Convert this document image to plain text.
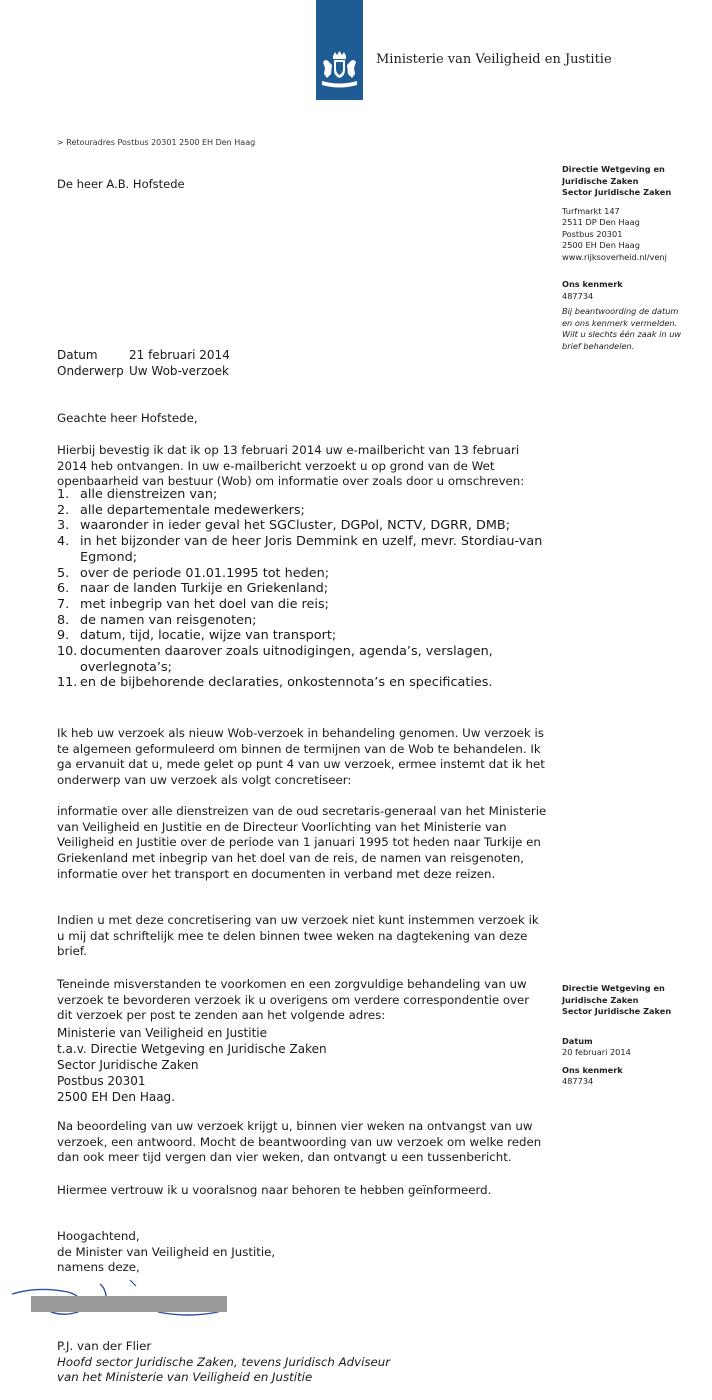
Ministerie van Veiligheid en Justitie
> Retouradres Postbus 20301 2500 EH Den Haag
De heer A.B. Hofstede
Directie Wetgeving en
Juridische Zaken
Sector Juridische Zaken
Turfmarkt 147
2511 DP Den Haag
Postbus 20301
2500 EH Den Haag
www.rijksoverheid.nl/venj
Ons kenmerk
487734
Bij beantwoording de datum
en ons kenmerk vermelden.
Wilt u slechts één zaak in uw
brief behandelen.
Datum	21 februari 2014
Onderwerp Uw Wob-verzoek
Geachte heer Hofstede,
Hierbij bevestig ik dat ik op 13 februari 2014 uw e-mailbericht van 13 februari 2014 heb ontvangen. In uw e-mailbericht verzoekt u op grond van de Wet openbaarheid van bestuur (Wob) om informatie over zoals door u omschreven:
1. alle dienstreizen van;
2. alle departementale medewerkers;
3. waaronder in ieder geval het SGCluster, DGPol, NCTV, DGRR, DMB;
4. in het bijzonder van de heer Joris Demmink en uzelf, mevr. Stordiau-van Egmond;
5. over de periode 01.01.1995 tot heden;
6. naar de landen Turkije en Griekenland;
7. met inbegrip van het doel van die reis;
8. de namen van reisgenoten;
9. datum, tijd, locatie, wijze van transport;
10. documenten daarover zoals uitnodigingen, agenda’s, verslagen, overlegnota’s;
11. en de bijbehorende declaraties, onkostennota’s en specificaties.
Ik heb uw verzoek als nieuw Wob-verzoek in behandeling genomen. Uw verzoek is te algemeen geformuleerd om binnen de termijnen van de Wob te behandelen. Ik ga ervanuit dat u, mede gelet op punt 4 van uw verzoek, ermee instemt dat ik het onderwerp van uw verzoek als volgt concretiseer:
informatie over alle dienstreizen van de oud secretaris-generaal van het Ministerie van Veiligheid en Justitie en de Directeur Voorlichting van het Ministerie van Veiligheid en Justitie over de periode van 1 januari 1995 tot heden naar Turkije en Griekenland met inbegrip van het doel van de reis, de namen van reisgenoten, informatie over het transport en documenten in verband met deze reizen.
Indien u met deze concretisering van uw verzoek niet kunt instemmen verzoek ik u mij dat schriftelijk mee te delen binnen twee weken na dagtekening van deze brief.
Teneinde misverstanden te voorkomen en een zorgvuldige behandeling van uw verzoek te bevorderen verzoek ik u overigens om verdere correspondentie over dit verzoek per post te zenden aan het volgende adres:
Ministerie van Veiligheid en Justitie
t.a.v. Directie Wetgeving en Juridische Zaken
Sector Juridische Zaken
Postbus 20301
2500 EH Den Haag.
Directie Wetgeving en
Juridische Zaken
Sector Juridische Zaken
Datum
20 februari 2014
Ons kenmerk
487734
Na beoordeling van uw verzoek krijgt u, binnen vier weken na ontvangst van uw verzoek, een antwoord. Mocht de beantwoording van uw verzoek om welke reden dan ook meer tijd vergen dan vier weken, dan ontvangt u een tussenbericht.
Hiermee vertrouw ik u vooralsnog naar behoren te hebben geïnformeerd.
Hoogachtend,
de Minister van Veiligheid en Justitie,
namens deze,
P.J. van der Flier
Hoofd sector Juridische Zaken, tevens Juridisch Adviseur
van het Ministerie van Veiligheid en Justitie
